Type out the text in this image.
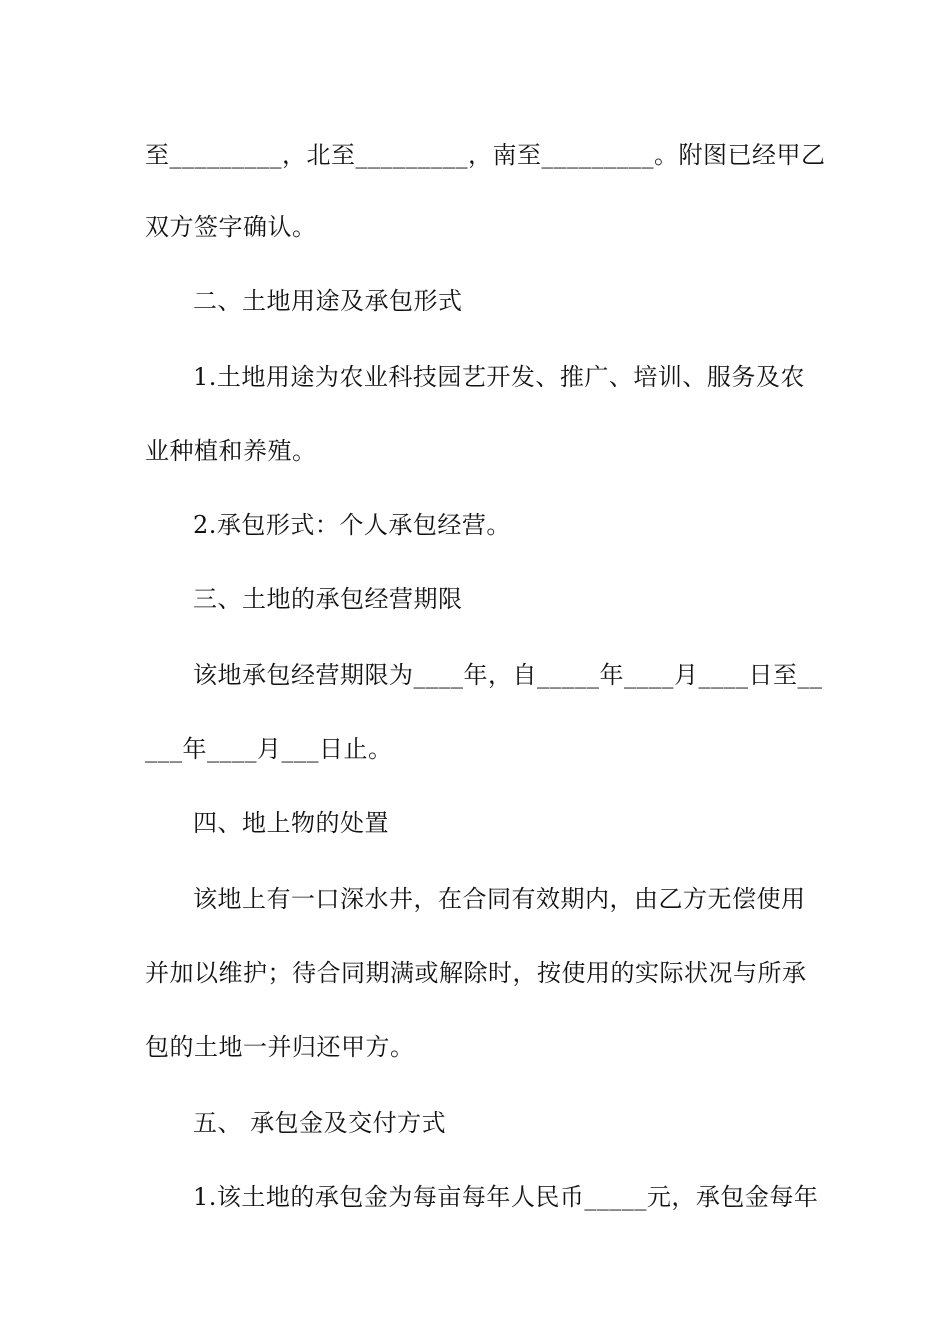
至_________，北至_________，南至_________。附图已经甲乙
双方签字确认。
二、土地用途及承包形式
1.土地用途为农业科技园艺开发、推广、培训、服务及农
业种植和养殖。
2.承包形式：个人承包经营。
三、土地的承包经营期限
该地承包经营期限为____年，自_____年____月____日至__
___年____月___日止。
四、地上物的处置
该地上有一口深水井，在合同有效期内，由乙方无偿使用
并加以维护；待合同期满或解除时，按使用的实际状况与所承
包的土地一并归还甲方。
五、 承包金及交付方式
1.该土地的承包金为每亩每年人民币_____元，承包金每年
